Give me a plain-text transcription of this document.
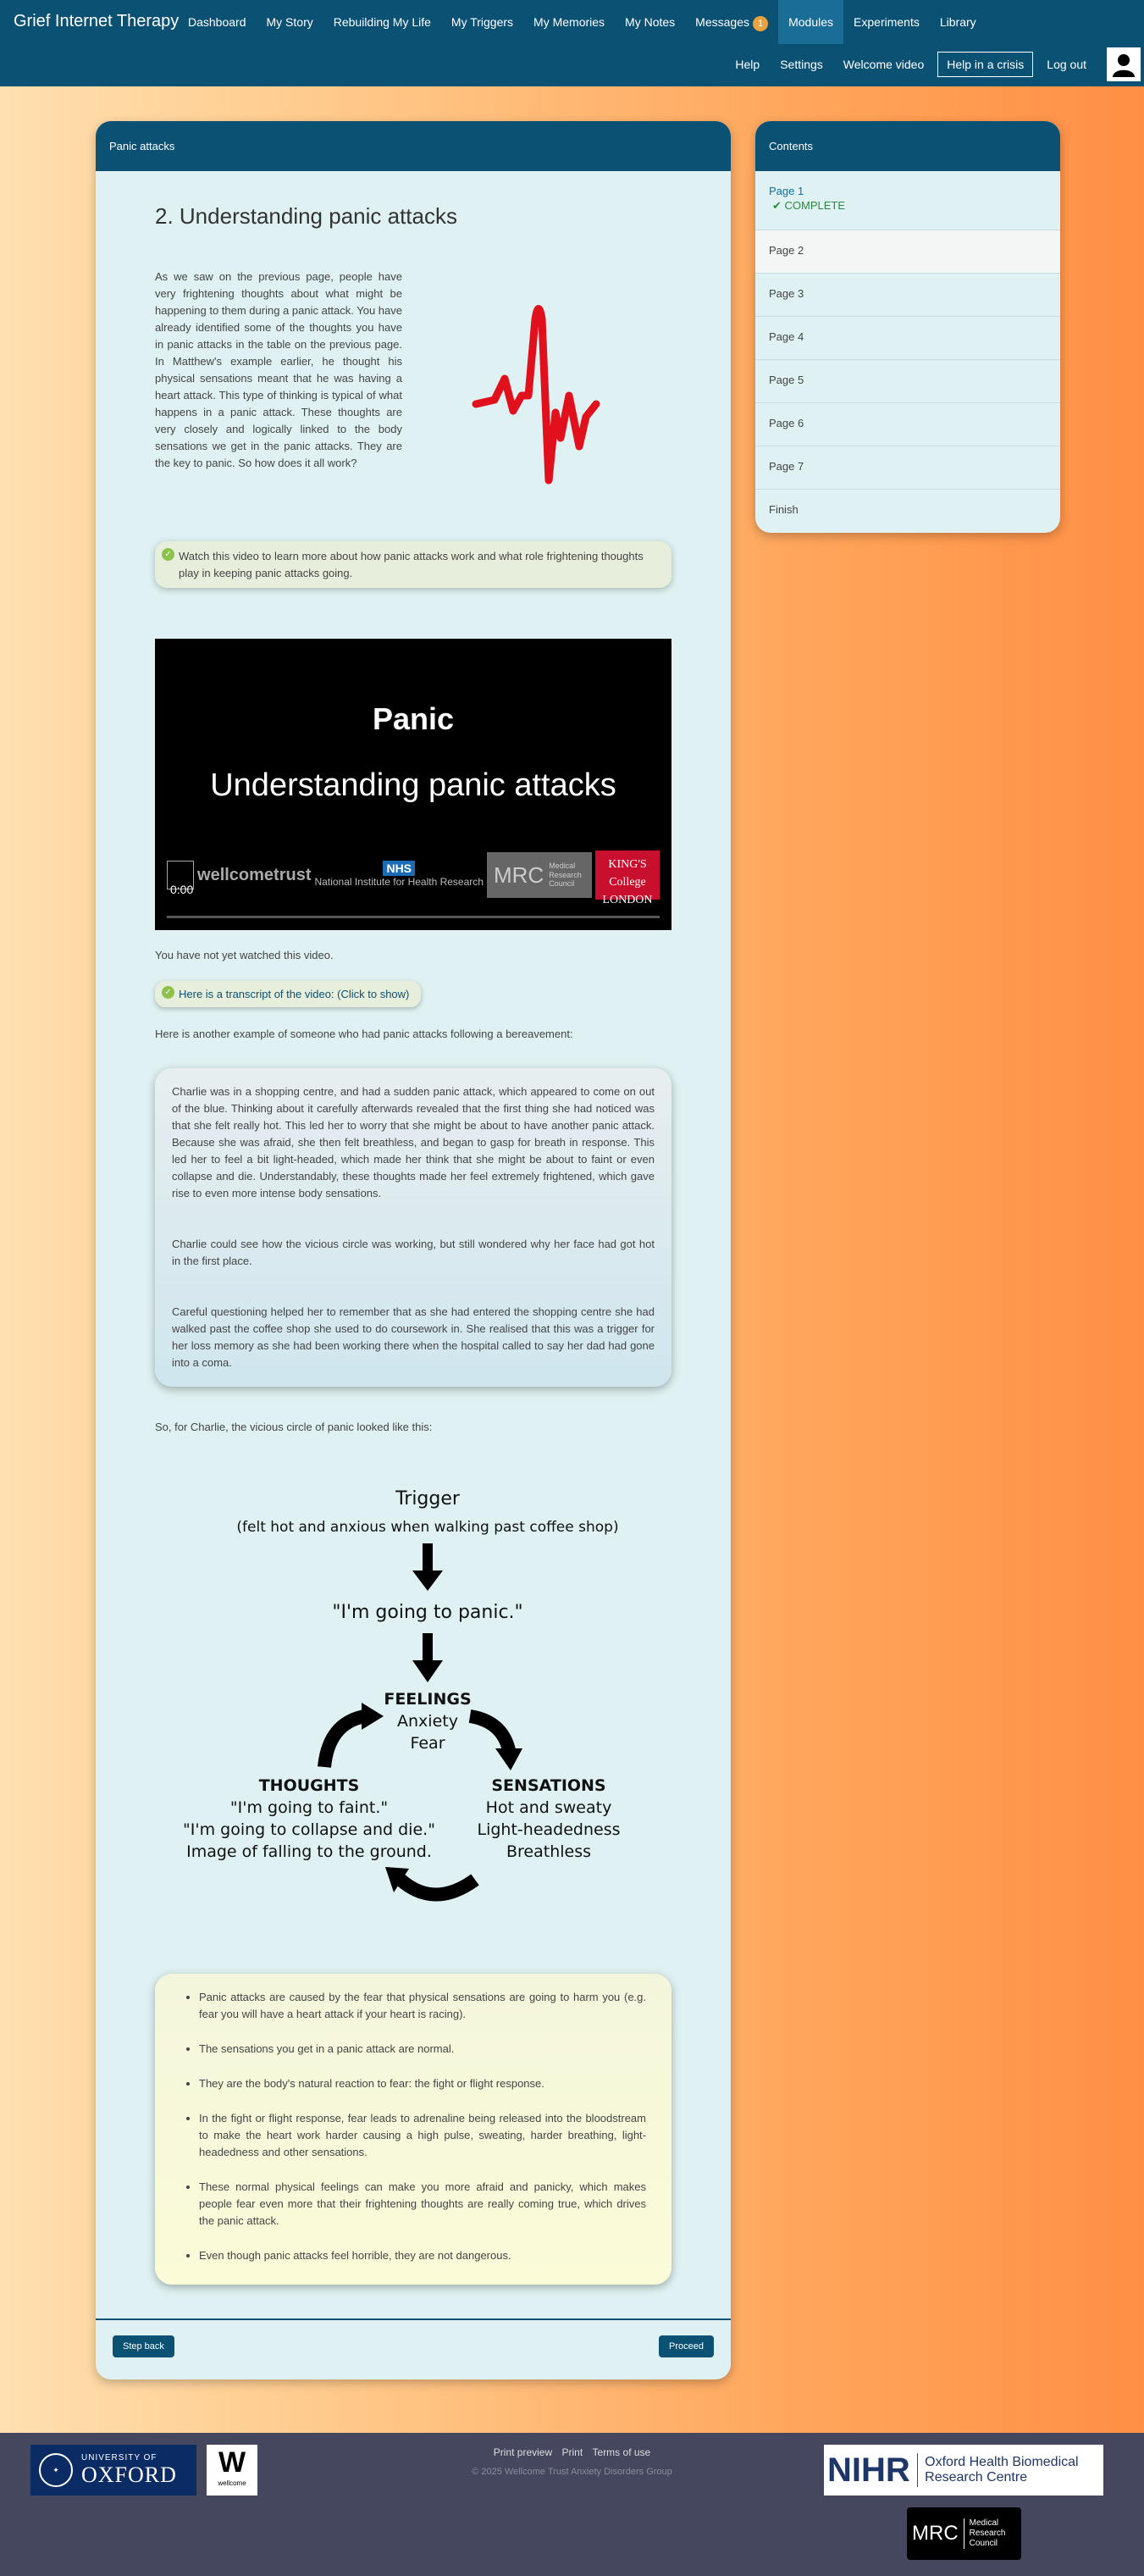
Grief Internet Therapy Dashboard	My Story	Rebuilding My Life	My Triggers	My Memories	My Notes	Messages 1	Modules	Experiments	Library
Help	Settings	Welcome video	Help in a crisis	Log out
Panic attacks
2. Understanding panic attacks

As we saw on the previous page, people have very frightening thoughts about what might be happening to them during a panic attack. You have already identified some of the thoughts you have in panic attacks in the table on the previous page. In Matthew's example earlier, he thought his physical sensations meant that he was having a heart attack. This type of thinking is typical of what happens in a panic attack. These thoughts are very closely and logically linked to the body sensations we get in the panic attacks. They are the key to panic. So how does it all work?

✓ Watch this video to learn more about how panic attacks work and what role frightening thoughts play in keeping panic attacks going.
Panic
Understanding panic attacks
wellcometrust	NHS
National Institute for Health Research MRC Medical Research Council
KING'S College LONDON
0:00

You have not yet watched this video.

✓ Here is a transcript of the video: (Click to show)

Here is another example of someone who had panic attacks following a bereavement:

Charlie was in a shopping centre, and had a sudden panic attack, which appeared to come on out of the blue. Thinking about it carefully afterwards revealed that the first thing she had noticed was that she felt really hot. This led her to worry that she might be about to have another panic attack. Because she was afraid, she then felt breathless, and began to gasp for breath in response. This led her to feel a bit light-headed, which made her think that she might be about to faint or even collapse and die. Understandably, these thoughts made her feel extremely frightened, which gave rise to even more intense body sensations.

Charlie could see how the vicious circle was working, but still wondered why her face had got hot in the first place.

Careful questioning helped her to remember that as she had entered the shopping centre she had walked past the coffee shop she used to do coursework in. She realised that this was a trigger for her loss memory as she had been working there when the hospital called to say her dad had gone into a coma.

So, for Charlie, the vicious circle of panic looked like this:

Trigger
(felt hot and anxious when walking past coffee shop)
"I'm going to panic."
FEELINGS
Anxiety
Fear
THOUGHTS
"I'm going to faint."
"I'm going to collapse and die."
Image of falling to the ground.
SENSATIONS
Hot and sweaty
Light-headedness
Breathless
• Panic attacks are caused by the fear that physical sensations are going to harm you (e.g. fear you will have a heart attack if your heart is racing).
• The sensations you get in a panic attack are normal.
• They are the body's natural reaction to fear: the fight or flight response.
• In the fight or flight response, fear leads to adrenaline being released into the bloodstream to make the heart work harder causing a high pulse, sweating, harder breathing, light-headedness and other sensations.
• These normal physical feelings can make you more afraid and panicky, which makes people fear even more that their frightening thoughts are really coming true, which drives the panic attack.
• Even though panic attacks feel horrible, they are not dangerous.
Step back	Proceed
Contents
Page 1
✔ COMPLETE
Page 2
Page 3
Page 4
Page 5
Page 6
Page 7
Finish
✦
UNIVERSITY OF
OXFORD	W
wellcome
Print preview Print Terms of use
© 2025 Wellcome Trust Anxiety Disorders Group	NIHR Oxford Health Biomedical Research Centre
MRC	Medical Research Council
